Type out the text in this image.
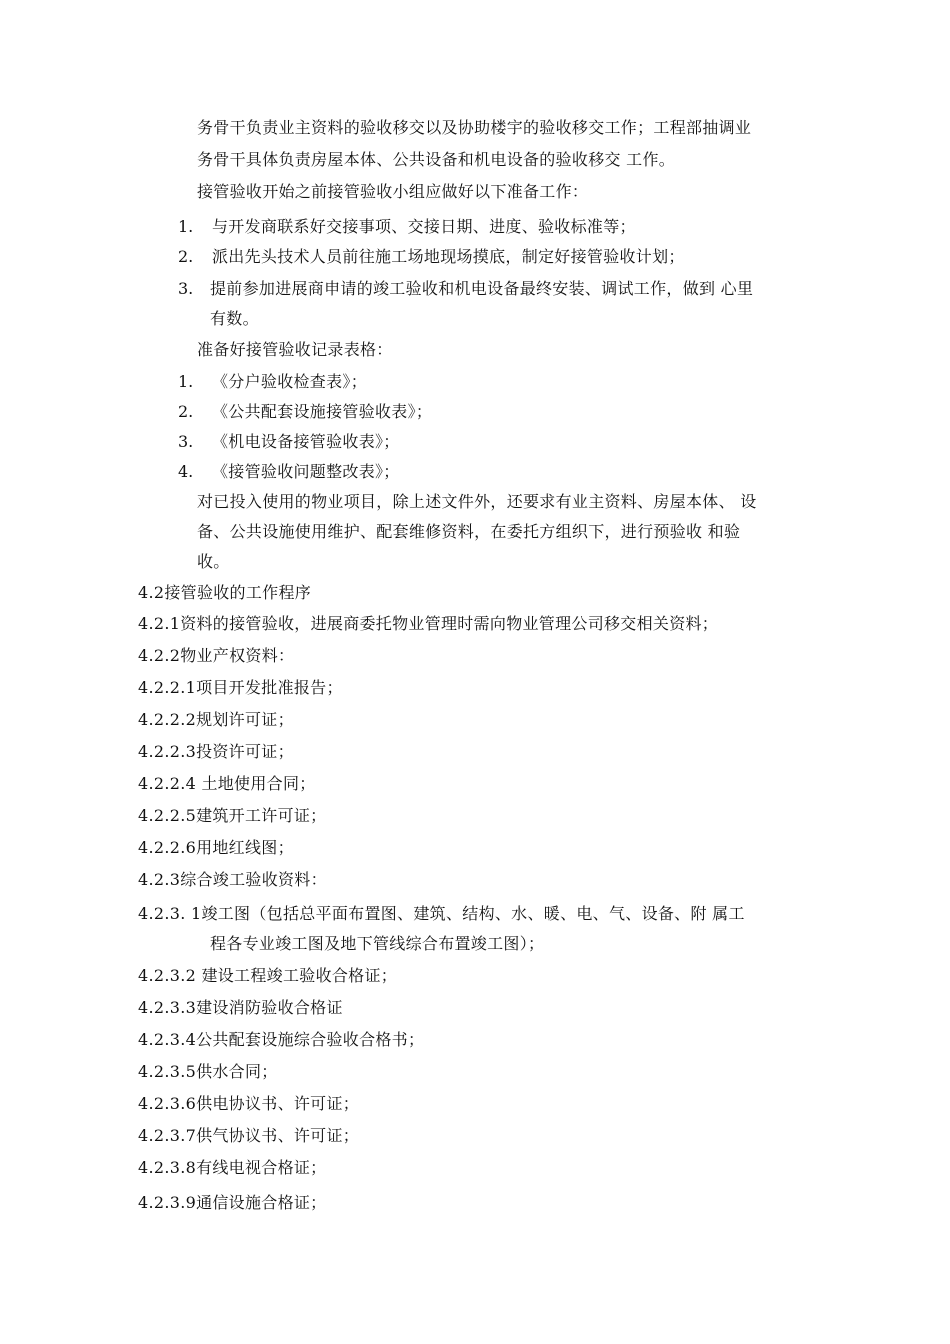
务骨干负责业主资料的验收移交以及协助楼宇的验收移交工作；工程部抽调业
务骨干具体负责房屋本体、公共设备和机电设备的验收移交 工作。
接管验收开始之前接管验收小组应做好以下准备工作：
1. 与开发商联系好交接事项、交接日期、进度、验收标准等；
2. 派出先头技术人员前往施工场地现场摸底，制定好接管验收计划；
3. 提前参加进展商申请的竣工验收和机电设备最终安装、调试工作，做到 心里
有数。
准备好接管验收记录表格：
1. 《分户验收检查表》；
2. 《公共配套设施接管验收表》；
3. 《机电设备接管验收表》；
4. 《接管验收问题整改表》；
对已投入使用的物业项目，除上述文件外，还要求有业主资料、房屋本体、 设
备、公共设施使用维护、配套维修资料，在委托方组织下，进行预验收 和验
收。
4.2接管验收的工作程序
4.2.1资料的接管验收，进展商委托物业管理时需向物业管理公司移交相关资料；
4.2.2物业产权资料：
4.2.2.1项目开发批准报告；
4.2.2.2规划许可证；
4.2.2.3投资许可证；
4.2.2.4 土地使用合同；
4.2.2.5建筑开工许可证；
4.2.2.6用地红线图；
4.2.3综合竣工验收资料：
4.2.3. 1竣工图（包括总平面布置图、建筑、结构、水、暖、电、气、设备、附 属工
程各专业竣工图及地下管线综合布置竣工图）；
4.2.3.2 建设工程竣工验收合格证；
4.2.3.3建设消防验收合格证
4.2.3.4公共配套设施综合验收合格书；
4.2.3.5供水合同；
4.2.3.6供电协议书、许可证；
4.2.3.7供气协议书、许可证；
4.2.3.8有线电视合格证；
4.2.3.9通信设施合格证；
